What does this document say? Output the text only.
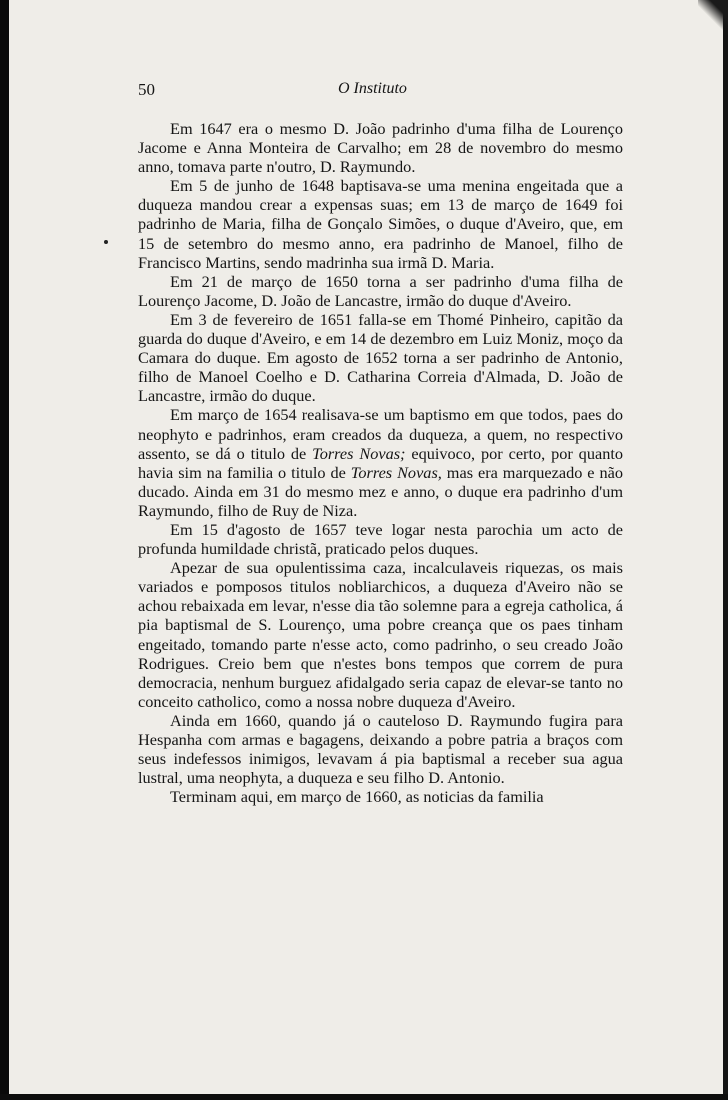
50	O Instituto

Em 1647 era o mesmo D. João padrinho d'uma filha de Lourenço Jacome e Anna Monteira de Carvalho; em 28 de novembro do mesmo anno, tomava parte n'outro, D. Raymundo.

Em 5 de junho de 1648 baptisava-se uma menina engeitada que a duqueza mandou crear a expensas suas; em 13 de março de 1649 foi padrinho de Maria, filha de Gonçalo Simões, o duque d'Aveiro, que, em 15 de setembro do mesmo anno, era padrinho de Manoel, filho de Francisco Martins, sendo madrinha sua irmã D. Maria.

Em 21 de março de 1650 torna a ser padrinho d'uma filha de Lourenço Jacome, D. João de Lancastre, irmão do duque d'Aveiro.

Em 3 de fevereiro de 1651 falla-se em Thomé Pinheiro, capitão da guarda do duque d'Aveiro, e em 14 de dezembro em Luiz Moniz, moço da Camara do duque. Em agosto de 1652 torna a ser padrinho de Antonio, filho de Manoel Coelho e D. Catharina Correia d'Almada, D. João de Lancastre, irmão do duque.

Em março de 1654 realisava-se um baptismo em que todos, paes do neophyto e padrinhos, eram creados da duqueza, a quem, no respectivo assento, se dá o titulo de Torres Novas; equivoco, por certo, por quanto havia sim na familia o titulo de Torres Novas, mas era marquezado e não ducado. Ainda em 31 do mesmo mez e anno, o duque era padrinho d'um Raymundo, filho de Ruy de Niza.

Em 15 d'agosto de 1657 teve logar nesta parochia um acto de profunda humildade christã, praticado pelos duques.

Apezar de sua opulentissima caza, incalculaveis riquezas, os mais variados e pomposos titulos nobliarchicos, a duqueza d'Aveiro não se achou rebaixada em levar, n'esse dia tão solemne para a egreja catholica, á pia baptismal de S. Lourenço, uma pobre creança que os paes tinham engeitado, tomando parte n'esse acto, como padrinho, o seu creado João Rodrigues. Creio bem que n'estes bons tempos que correm de pura democracia, nenhum burguez afidalgado seria capaz de elevar-se tanto no conceito catholico, como a nossa nobre duqueza d'Aveiro.

Ainda em 1660, quando já o cauteloso D. Raymundo fugira para Hespanha com armas e bagagens, deixando a pobre patria a braços com seus indefessos inimigos, levavam á pia baptismal a receber sua agua lustral, uma neophyta, a duqueza e seu filho D. Antonio.

Terminam aqui, em março de 1660, as noticias da familia
